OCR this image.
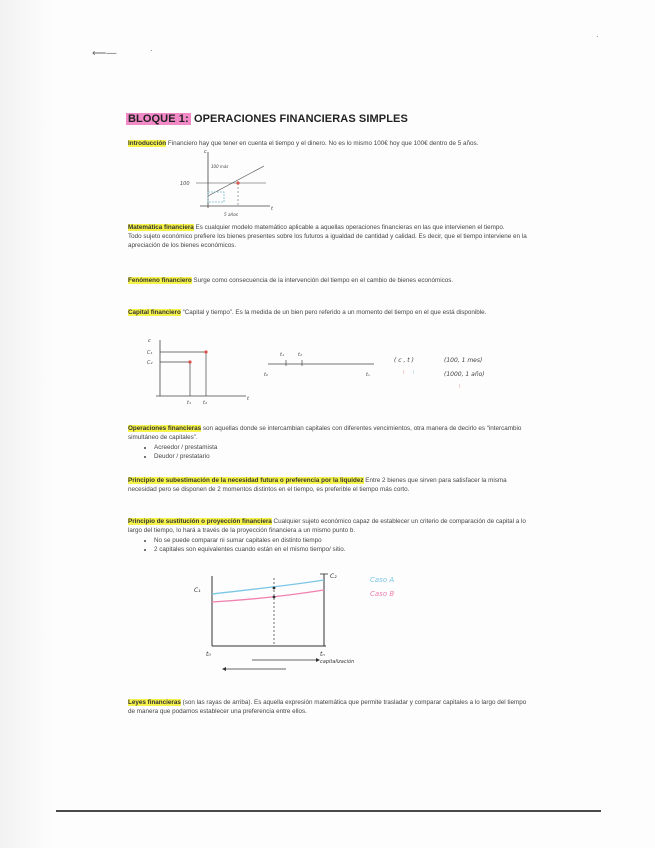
⟵—	·
·
BLOQUE 1: OPERACIONES FINANCIERAS SIMPLES
Introducción Financiero hay que tener en cuenta el tiempo y el dinero. No es lo mismo 100€ hoy que 100€ dentro de 5 años.
c
t
100
100 más
5 años
Matemática financiera Es cualquier modelo matemático aplicable a aquellas operaciones financieras en las que intervienen el tiempo.
Todo sujeto económico prefiere los bienes presentes sobre los futuros a igualdad de cantidad y calidad. Es decir, que el tiempo interviene en la apreciación de los bienes económicos.
Fenómeno financiero Surge como consecuencia de la intervención del tiempo en el cambio de bienes económicos.
Capital financiero “Capital y tiempo”. Es la medida de un bien pero referido a un momento del tiempo en el que está disponible.
c
C₁
C₂
t₁ t₂
t
t₁	t₂
t₀	tₙ
( c , t )	(100, 1 mes)
(1000, 1 año)
↑ ↑
↑
Operaciones financieras son aquellas donde se intercambian capitales con diferentes vencimientos, otra manera de decirlo es “intercambio simultáneo de capitales”.
• Acreedor / prestamista
• Deudor / prestatario
Principio de subestimación de la necesidad futura o preferencia por la liquidez Entre 2 bienes que sirven para satisfacer la misma necesidad pero se disponen de 2 momentos distintos en el tiempo, es preferible el tiempo más corto.
Principio de sustitución o proyección financiera Cualquier sujeto económico capaz de establecer un criterio de comparación de capital a lo largo del tiempo, lo hará a través de la proyección financiera a un mismo punto b.
• No se puede comparar ni sumar capitales en distinto tiempo
• 2 capitales son equivalentes cuando están en el mismo tiempo/ sitio.
C₁
C₂
t₀	tₙ
capitalización
Caso A
Caso B
Leyes financieras (son las rayas de arriba). Es aquella expresión matemática que permite trasladar y comparar capitales a lo largo del tiempo de manera que podamos establecer una preferencia entre ellos.
